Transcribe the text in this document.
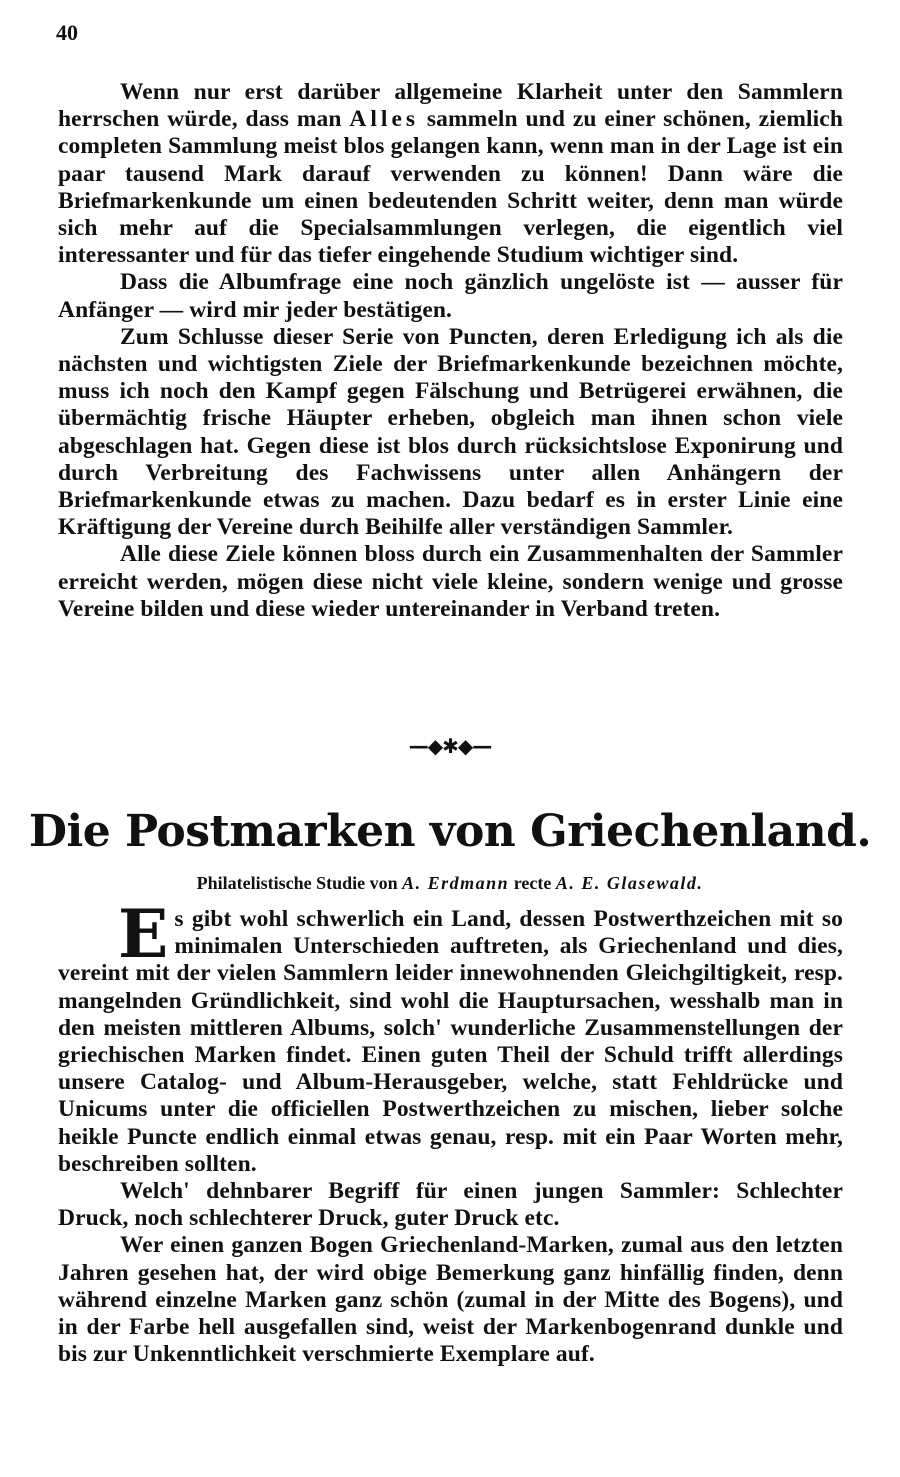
40

Wenn nur erst darüber allgemeine Klarheit unter den Sammlern herrschen würde, dass man Alles sammeln und zu einer schönen, ziemlich completen Sammlung meist blos gelangen kann, wenn man in der Lage ist ein paar tausend Mark darauf verwenden zu können! Dann wäre die Briefmarkenkunde um einen bedeutenden Schritt weiter, denn man würde sich mehr auf die Specialsammlungen verlegen, die eigentlich viel interessanter und für das tiefer eingehende Studium wichtiger sind.

Dass die Albumfrage eine noch gänzlich ungelöste ist — ausser für Anfänger — wird mir jeder bestätigen.

Zum Schlusse dieser Serie von Puncten, deren Erledigung ich als die nächsten und wichtigsten Ziele der Briefmarkenkunde bezeichnen möchte, muss ich noch den Kampf gegen Fälschung und Betrügerei erwähnen, die übermächtig frische Häupter erheben, obgleich man ihnen schon viele abgeschlagen hat. Gegen diese ist blos durch rücksichtslose Exponirung und durch Verbreitung des Fachwissens unter allen Anhängern der Briefmarkenkunde etwas zu machen. Dazu bedarf es in erster Linie eine Kräftigung der Vereine durch Beihilfe aller verständigen Sammler.

Alle diese Ziele können bloss durch ein Zusammenhalten der Sammler erreicht werden, mögen diese nicht viele kleine, sondern wenige und grosse Vereine bilden und diese wieder untereinander in Verband treten.

—◆✱◆—
Die Postmarken von Griechenland.
Philatelistische Studie von A. Erdmann recte A. E. Glasewald.

Es gibt wohl schwerlich ein Land, dessen Postwerthzeichen mit so minimalen Unterschieden auftreten, als Griechenland und dies, vereint mit der vielen Sammlern leider innewohnenden Gleichgiltigkeit, resp. mangelnden Gründlichkeit, sind wohl die Hauptursachen, wesshalb man in den meisten mittleren Albums, solch' wunderliche Zusammenstellungen der griechischen Marken findet. Einen guten Theil der Schuld trifft allerdings unsere Catalog- und Album-Herausgeber, welche, statt Fehldrücke und Unicums unter die officiellen Postwerthzeichen zu mischen, lieber solche heikle Puncte endlich einmal etwas genau, resp. mit ein Paar Worten mehr, beschreiben sollten.

Welch' dehnbarer Begriff für einen jungen Sammler: Schlechter Druck, noch schlechterer Druck, guter Druck etc.

Wer einen ganzen Bogen Griechenland-Marken, zumal aus den letzten Jahren gesehen hat, der wird obige Bemerkung ganz hinfällig finden, denn während einzelne Marken ganz schön (zumal in der Mitte des Bogens), und in der Farbe hell ausgefallen sind, weist der Markenbogenrand dunkle und bis zur Unkenntlichkeit verschmierte Exemplare auf.
